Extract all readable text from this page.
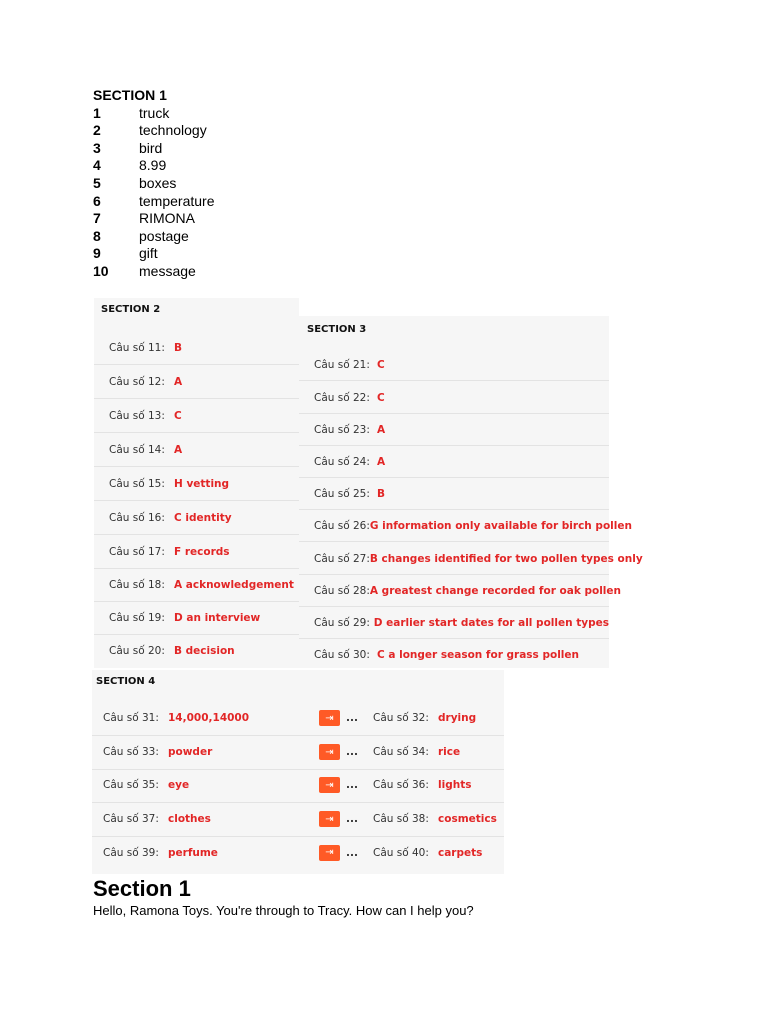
SECTION 1
1	truck
2	technology
3	bird
4	8.99
5	boxes
6	temperature
7	RIMONA
8	postage
9	gift
10	message
SECTION 2
Câu số 11: B
Câu số 12: A
Câu số 13: C
Câu số 14: A
Câu số 15: H vetting
Câu số 16: C identity
Câu số 17: F records
Câu số 18: A acknowledgement
Câu số 19: D an interview
Câu số 20: B decision
SECTION 3
Câu số 21: C
Câu số 22: C
Câu số 23: A
Câu số 24: A
Câu số 25: B
Câu số 26: G information only available for birch pollen
Câu số 27: B changes identified for two pollen types only
Câu số 28: A greatest change recorded for oak pollen
Câu số 29: D earlier start dates for all pollen types
Câu số 30: C a longer season for grass pollen
SECTION 4
Câu số 31: 14,000,14000	⇥	...	Câu số 32: drying
Câu số 33: powder	⇥	...	Câu số 34: rice
Câu số 35: eye	⇥	...	Câu số 36: lights
Câu số 37: clothes	⇥	...	Câu số 38: cosmetics
Câu số 39: perfume	⇥	...	Câu số 40: carpets
Section 1

Hello, Ramona Toys. You're through to Tracy. How can I help you?
